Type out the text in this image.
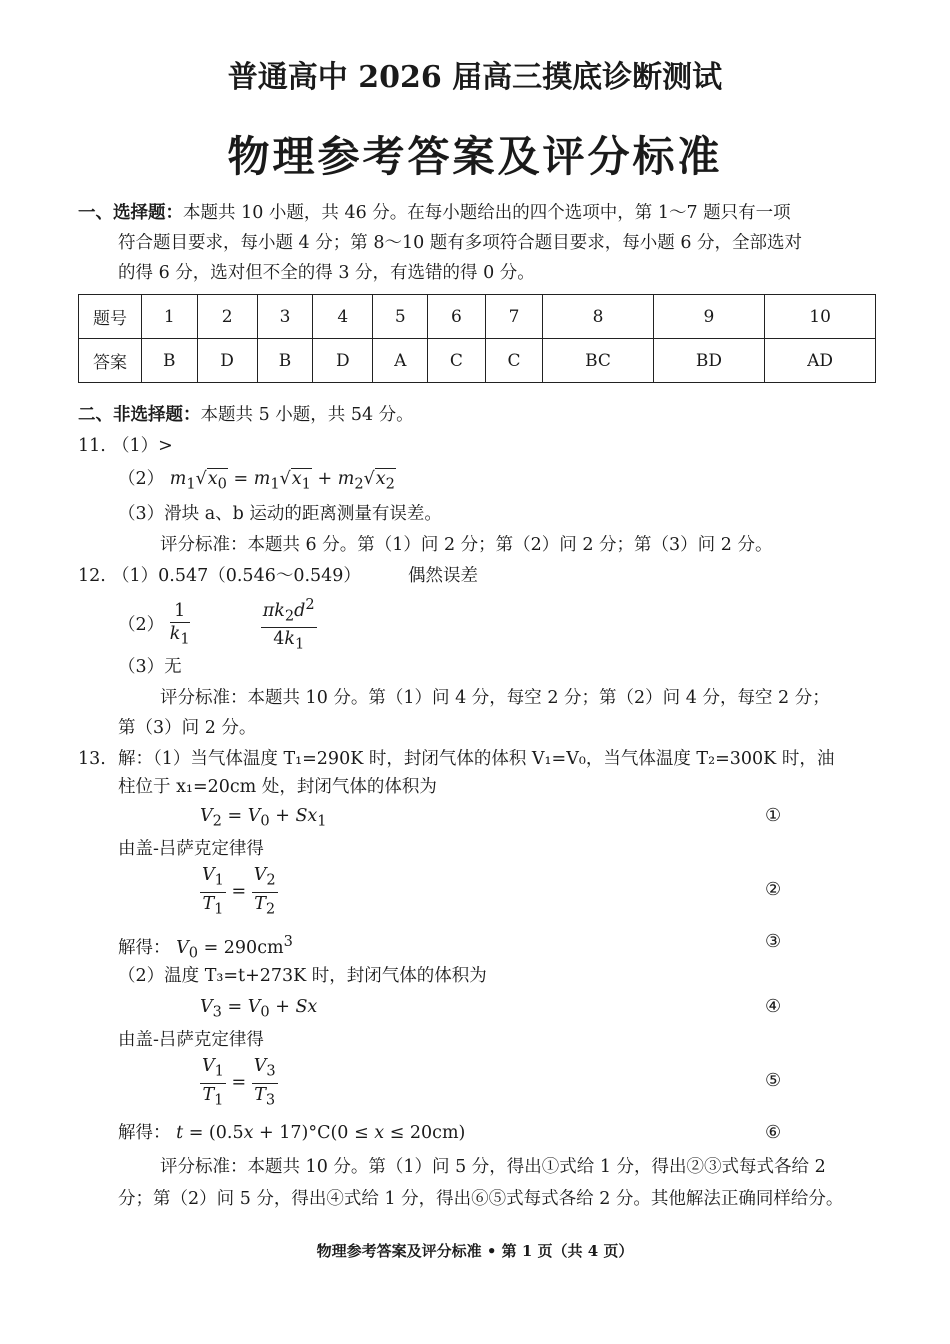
普通高中 2026 届高三摸底诊断测试
物理参考答案及评分标准
一、选择题：本题共 10 小题，共 46 分。在每小题给出的四个选项中，第 1～7 题只有一项
符合题目要求，每小题 4 分；第 8～10 题有多项符合题目要求，每小题 6 分，全部选对
的得 6 分，选对但不全的得 3 分，有选错的得 0 分。
题号	1	2	3	4	5	6	7	8	9	10
答案	B	D	B	D	A	C	C	BC	BD	AD
二、非选择题：本题共 5 小题，共 54 分。
11. （1）>
（2） $m_1√x_0 = m_1√x_1 + m_2√x_2$
（3）滑块 a、b 运动的距离测量有误差。
评分标准：本题共 6 分。第（1）问 2 分；第（2）问 2 分；第（3）问 2 分。
12. （1）0.547（0.546～0.549）	偶然误差
$(2) \frac{1}{k_1}$
	$\frac{\pi k_2d^2}{4k_1}$
（3）无
评分标准：本题共 10 分。第（1）问 4 分，每空 2 分；第（2）问 4 分，每空 2 分；
第（3）问 2 分。
13. 解：（1）当气体温度 T₁=290K 时，封闭气体的体积 V₁=V₀，当气体温度 T₂=300K 时，油
柱位于 x₁=20cm 处，封闭气体的体积为
$V_2 = V_0 + Sx_1$	①
由盖-吕萨克定律得
$\frac{V_1}{T_1} = \frac{V_2}{T_2}$	②
解得： $V_0 = 290cm^3$	③
（2）温度 T₃=t+273K 时，封闭气体的体积为
$V_3 = V_0 + Sx$	④
由盖-吕萨克定律得
$\frac{V_1}{T_1} = \frac{V_3}{T_3}$	⑤
解得： t = (0.5x + 17)°C(0 ≤ x ≤ 20cm)	⑥
评分标准：本题共 10 分。第（1）问 5 分，得出①式给 1 分，得出②③式每式各给 2
分；第（2）问 5 分，得出④式给 1 分，得出⑥⑤式每式各给 2 分。其他解法正确同样给分。
物理参考答案及评分标准 • 第 1 页（共 4 页）
